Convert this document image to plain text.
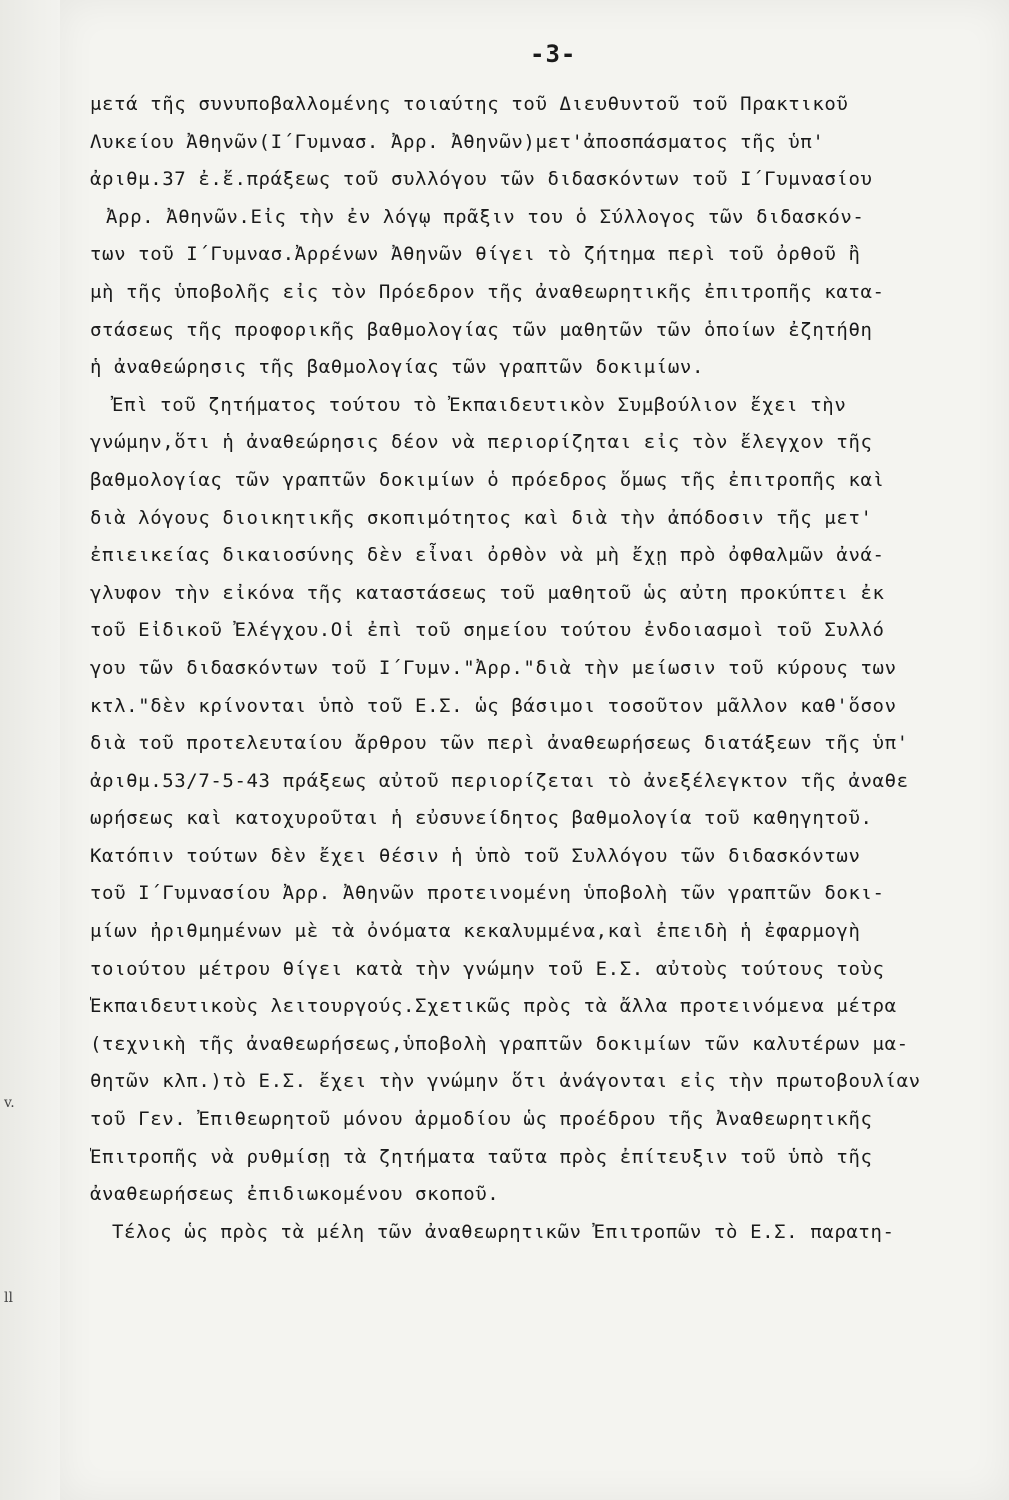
v.
ll
-3-
μετά τῆς συνυποβαλλομένης τοιαύτης τοῦ Διευθυντοῦ τοῦ Πρακτικοῦ
Λυκείου Ἀθηνῶν(Ι΄Γυμνασ. Ἀρρ. Ἀθηνῶν)μετ'ἀποσπάσματος τῆς ὑπ'
ἀριθμ.37 ἐ.ἔ.πράξεως τοῦ συλλόγου τῶν διδασκόντων τοῦ Ι΄Γυμνασίου
Ἀρρ. Ἀθηνῶν.Εἰς τὴν ἐν λόγῳ πρᾶξιν του ὁ Σύλλογος τῶν διδασκόν-
των τοῦ Ι΄Γυμνασ.Ἀρρένων Ἀθηνῶν θίγει τὸ ζήτημα περὶ τοῦ ὀρθοῦ ἢ
μὴ τῆς ὑποβολῆς εἰς τὸν Πρόεδρον τῆς ἀναθεωρητικῆς ἐπιτροπῆς κατα-
στάσεως τῆς προφορικῆς βαθμολογίας τῶν μαθητῶν τῶν ὁποίων ἐζητήθη
ἡ ἀναθεώρησις τῆς βαθμολογίας τῶν γραπτῶν δοκιμίων.
Ἐπὶ τοῦ ζητήματος τούτου τὸ Ἐκπαιδευτικὸν Συμβούλιον ἔχει τὴν
γνώμην,ὅτι ἡ ἀναθεώρησις δέον νὰ περιορίζηται εἰς τὸν ἔλεγχον τῆς
βαθμολογίας τῶν γραπτῶν δοκιμίων ὁ πρόεδρος ὅμως τῆς ἐπιτροπῆς καὶ
διὰ λόγους διοικητικῆς σκοπιμότητος καὶ διὰ τὴν ἀπόδοσιν τῆς μετ'
ἐπιεικείας δικαιοσύνης δὲν εἶναι ὀρθὸν νὰ μὴ ἔχῃ πρὸ ὀφθαλμῶν ἀνά-
γλυφον τὴν εἰκόνα τῆς καταστάσεως τοῦ μαθητοῦ ὡς αὐτη προκύπτει ἐκ
τοῦ Εἰδικοῦ Ἐλέγχου.Οἱ ἐπὶ τοῦ σημείου τούτου ἐνδοιασμοὶ τοῦ Συλλό
γου τῶν διδασκόντων τοῦ Ι΄Γυμν."Ἀρρ."διὰ τὴν μείωσιν τοῦ κύρους των
κτλ."δὲν κρίνονται ὑπὸ τοῦ Ε.Σ. ὡς βάσιμοι τοσοῦτον μᾶλλον καθ'ὅσον
διὰ τοῦ προτελευταίου ἄρθρου τῶν περὶ ἀναθεωρήσεως διατάξεων τῆς ὑπ'
ἀριθμ.53/7-5-43 πράξεως αὐτοῦ περιορίζεται τὸ ἀνεξέλεγκτον τῆς ἀναθε
ωρήσεως καὶ κατοχυροῦται ἡ εὐσυνείδητος βαθμολογία τοῦ καθηγητοῦ.
Κατόπιν τούτων δὲν ἔχει θέσιν ἡ ὑπὸ τοῦ Συλλόγου τῶν διδασκόντων
τοῦ Ι΄Γυμνασίου Ἀρρ. Ἀθηνῶν προτεινομένη ὑποβολὴ τῶν γραπτῶν δοκι-
μίων ἠριθμημένων μὲ τὰ ὀνόματα κεκαλυμμένα,καὶ ἐπειδὴ ἡ ἐφαρμογὴ
τοιούτου μέτρου θίγει κατὰ τὴν γνώμην τοῦ Ε.Σ. αὐτοὺς τούτους τοὺς
Ἐκπαιδευτικοὺς λειτουργούς.Σχετικῶς πρὸς τὰ ἄλλα προτεινόμενα μέτρα
(τεχνικὴ τῆς ἀναθεωρήσεως,ὑποβολὴ γραπτῶν δοκιμίων τῶν καλυτέρων μα-
θητῶν κλπ.)τὸ Ε.Σ. ἔχει τὴν γνώμην ὅτι ἀνάγονται εἰς τὴν πρωτοβουλίαν
τοῦ Γεν. Ἐπιθεωρητοῦ μόνου ἁρμοδίου ὡς προέδρου τῆς Ἀναθεωρητικῆς
Ἐπιτροπῆς νὰ ρυθμίσῃ τὰ ζητήματα ταῦτα πρὸς ἐπίτευξιν τοῦ ὑπὸ τῆς
ἀναθεωρήσεως ἐπιδιωκομένου σκοποῦ.
Τέλος ὡς πρὸς τὰ μέλη τῶν ἀναθεωρητικῶν Ἐπιτροπῶν τὸ Ε.Σ. παρατη-
